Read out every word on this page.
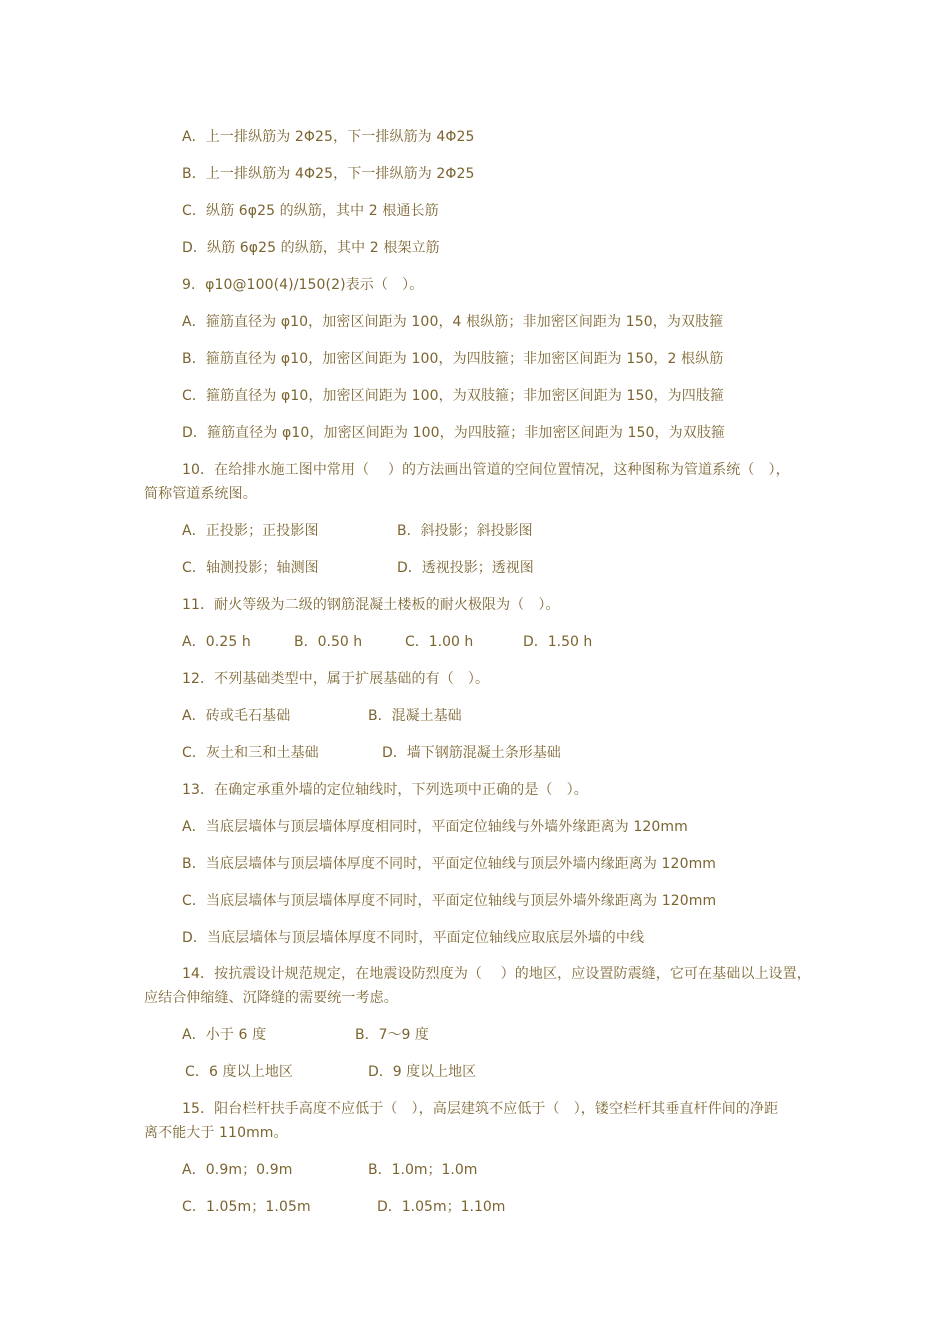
A．上一排纵筋为 2Φ25，下一排纵筋为 4Φ25
B．上一排纵筋为 4Φ25，下一排纵筋为 2Φ25
C．纵筋 6φ25 的纵筋，其中 2 根通长筋
D．纵筋 6φ25 的纵筋，其中 2 根架立筋
9．φ10@100(4)/150(2)表示（　）。
A．箍筋直径为 φ10，加密区间距为 100，4 根纵筋；非加密区间距为 150，为双肢箍
B．箍筋直径为 φ10，加密区间距为 100，为四肢箍；非加密区间距为 150，2 根纵筋
C．箍筋直径为 φ10，加密区间距为 100，为双肢箍；非加密区间距为 150，为四肢箍
D．箍筋直径为 φ10，加密区间距为 100，为四肢箍；非加密区间距为 150，为双肢箍
10．在给排水施工图中常用（　 ）的方法画出管道的空间位置情况，这种图称为管道系统（　），
简称管道系统图。
A．正投影；正投影图	B．斜投影；斜投影图
C．轴测投影；轴测图	D．透视投影；透视图
11．耐火等级为二级的钢筋混凝土楼板的耐火极限为（　）。
A．0.25 h	B．0.50 h	C．1.00 h	D．1.50 h
12．不列基础类型中，属于扩展基础的有（　）。
A．砖或毛石基础	B．混凝土基础
C．灰土和三和土基础	D．墙下钢筋混凝土条形基础
13．在确定承重外墙的定位轴线时，下列选项中正确的是（　）。
A．当底层墙体与顶层墙体厚度相同时，平面定位轴线与外墙外缘距离为 120mm
B．当底层墙体与顶层墙体厚度不同时，平面定位轴线与顶层外墙内缘距离为 120mm
C．当底层墙体与顶层墙体厚度不同时，平面定位轴线与顶层外墙外缘距离为 120mm
D．当底层墙体与顶层墙体厚度不同时，平面定位轴线应取底层外墙的中线
14．按抗震设计规范规定，在地震设防烈度为（　 ）的地区，应设置防震缝，它可在基础以上设置，
应结合伸缩缝、沉降缝的需要统一考虑。
A．小于 6 度	B．7～9 度
C．6 度以上地区	D．9 度以上地区
15．阳台栏杆扶手高度不应低于（　），高层建筑不应低于（　），镂空栏杆其垂直杆件间的净距
离不能大于 110mm。
A．0.9m；0.9m	B．1.0m；1.0m
C．1.05m；1.05m	D．1.05m；1.10m
